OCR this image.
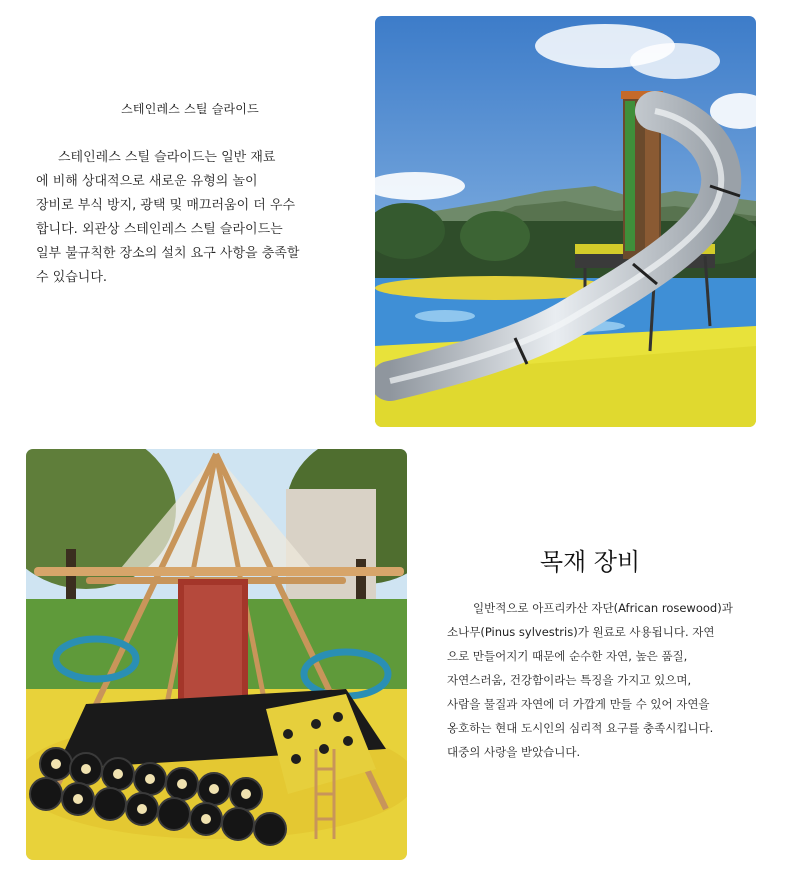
스테인레스 스틸 슬라이드

스테인레스 스틸 슬라이드는 일반 재료
에 비해 상대적으로 새로운 유형의 놀이
장비로 부식 방지, 광택 및 매끄러움이 더 우수
합니다. 외관상 스테인레스 스틸 슬라이드는
일부 불규칙한 장소의 설치 요구 사항을 충족할
수 있습니다.

목재 장비

일반적으로 아프리카산 자단(African rosewood)과
소나무(Pinus sylvestris)가 원료로 사용됩니다. 자연
으로 만들어지기 때문에 순수한 자연, 높은 품질,
자연스러움, 건강함이라는 특징을 가지고 있으며,
사람을 물질과 자연에 더 가깝게 만들 수 있어 자연을
옹호하는 현대 도시인의 심리적 요구를 충족시킵니다.
대중의 사랑을 받았습니다.
